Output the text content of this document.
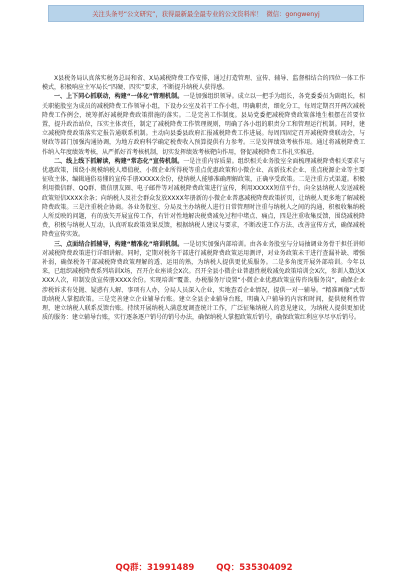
关注头条号“公文研究”，获得最新最全最专业的公文资料库！ 微信：gongwenyj

X县税务局认真落实税务总局和省、X局减税降费工作安排，通过打造管理、宣传、辅导、监督相结合的四位一体工作模式，积极响应主军局长“四硬、四实”要求，不断提升纳税人获得感。

一、上下同心抓联动，构建“一体化”管理机制。一是加强组织领导。成立以一把手为组长，各党委委员为副组长，相关职能股室为成员的减税降费工作领导小组，下设办公室及若干工作小组，明确职责，细化分工，每周定期召开两次减税降费工作例会，统筹抓好减税降费政策措施的落实。二是完善工作制度。县局党委把减税降费政策落地生根摆在首要位置，提升政治站位，压实主体责任，制定了减税降费工作管理规则，明确了各小组的职责分工和管理运行机制。同时，建立减税降费政策落实定报告通联系机制。主动向县委县政府汇报减税降费工作进展。每周四固定召开减税降费联动会，与财政等部门加强沟通协调，为地方政府科学确定税费收入预算提供有力参考。三是发挥绩效考核作用。通过将减税降费工作纳入年度绩效考核，从严抓好首考核机制，切实发挥绩效考核靶向作用，督促减税降费工作扎实推进。

二、线上线下抓解读，构建“常态化”宣传机制。一是注重内容质量。组织相关业务股室全面梳理减税降费相关要求与优惠政策，围绕小规模纳税人增值税、小微企业所得税等重点优惠政策和小微企业、高新技术企业、重点税源企业等主要征收主体，编辑通俗易懂的宣传手册XXXXX余份，使纳税人能够准确理解政策，正确享受政策。二是注重方式渠道。积极利用微信群、QQ群、微信朋友圈、电子邮件等对减税降费政策进行宣传，利用XXXXX短信平台，向全县纳税人发送减税政策短信XXXX余条；向纳税人及社会群众发放XXXX年册新的小微企业普惠减税降费政策折页，让纳税人更多地了解减税降费政策。三是注重税企协商。各业务股室、分局及主办纳税人进行日常管理时注重与纳税人之间的沟通，积极收集纳税人所反映的问题，有的放矢开展宣传工作，有针对性地解决税费减免过程中堵点、痛点，四是注重收集反馈，围绕减税降费，积极与纳税人互动，认真听取政策效果反馈，根据纳税人建议与要求，不断改进工作方法、改善宣传方式，确保减税降费宣传实效。

三、点面结合抓辅导，构建“精准化”培训机制。一是切实加强内部培训。由各业务股室与分局抽调业务骨干担任讲师对减税降费政策进行详细讲解。同时，定期对税务干部进行减税降费政策运用测评，对业务政策未干进行查漏补缺、增强补弱，确保税务干部减税降费政策理解的透、运用的熟，为纳税人提供更优质服务。二是多角度开展外部培训。今年以来，已组织减税降费系列培训X场，召开企业座谈会X次。召开全县小微企业普惠性税收减免政策培训会X次，参训人数达XXXX人次，印制发放宣传册XXXX余份。实现培训“覆盖、办税服务厅设置“小微企业优惠政策宣传咨询服务岗”，确保企业涉税诉求有处抛、疑惑有人解、事项有人办，分局人员深入企业，实地查看企业情况，提供一对一辅导。“精准画像”式帮助纳税人掌握政策。三是完善建立企业辅导台账。建立全县企业辅导台账，明确入户辅导的内容和时间，提供便利性管理，建立纳税人联系反馈台账。持续开展纳税人满意度调查统计工作，广泛征集纳税人的意见建议，为纳税人提供更加优质的服务：建立辅导台账，实行逐条逐户销号的销号办法，确保纳税人掌握政策后销号，确保政策红利应享尽享后销号。

QQ群：31991489	QQ：535304092
